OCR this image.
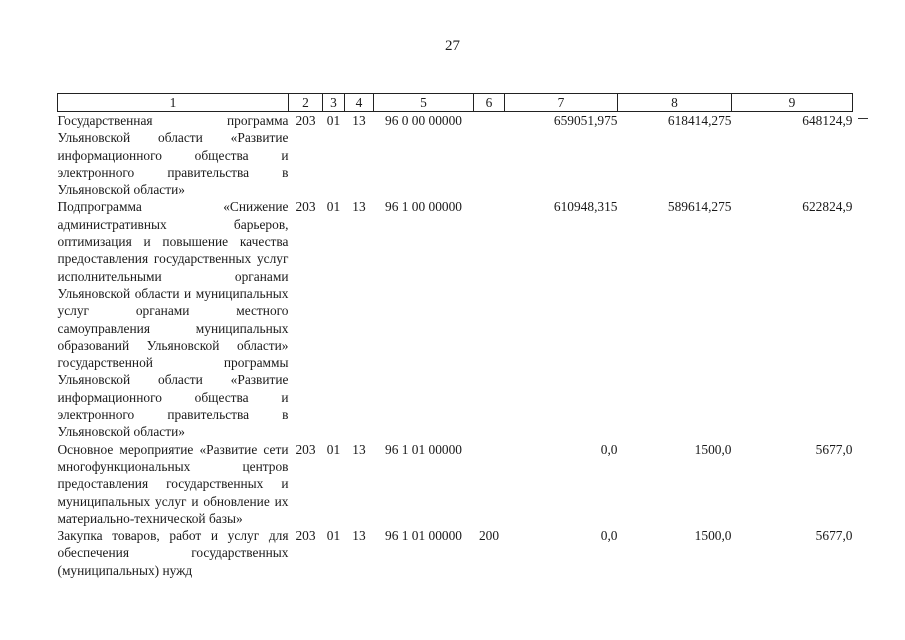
27
1	2	3	4	5	6	7	8	9
Государственная программа Ульяновской области «Развитие информационного общества и электронного правительства в Ульяновской области»	203	01	13	96 0 00 00000		659051,975	618414,275	648124,9
Подпрограмма «Снижение административных барьеров, оптимизация и повышение качества предоставления государственных услуг исполнительными органами Ульяновской области и муниципальных услуг органами местного самоуправления муниципальных образований Ульяновской области» государственной программы Ульяновской области «Развитие информационного общества и электронного правительства в Ульяновской области»	203	01	13	96 1 00 00000		610948,315	589614,275	622824,9
Основное мероприятие «Развитие сети многофункциональных центров предоставления государственных и муниципальных услуг и обновление их материально-технической базы»	203	01	13	96 1 01 00000		0,0	1500,0	5677,0
Закупка товаров, работ и услуг для обеспечения государственных (муниципальных) нужд	203	01	13	96 1 01 00000	200	0,0	1500,0	5677,0
